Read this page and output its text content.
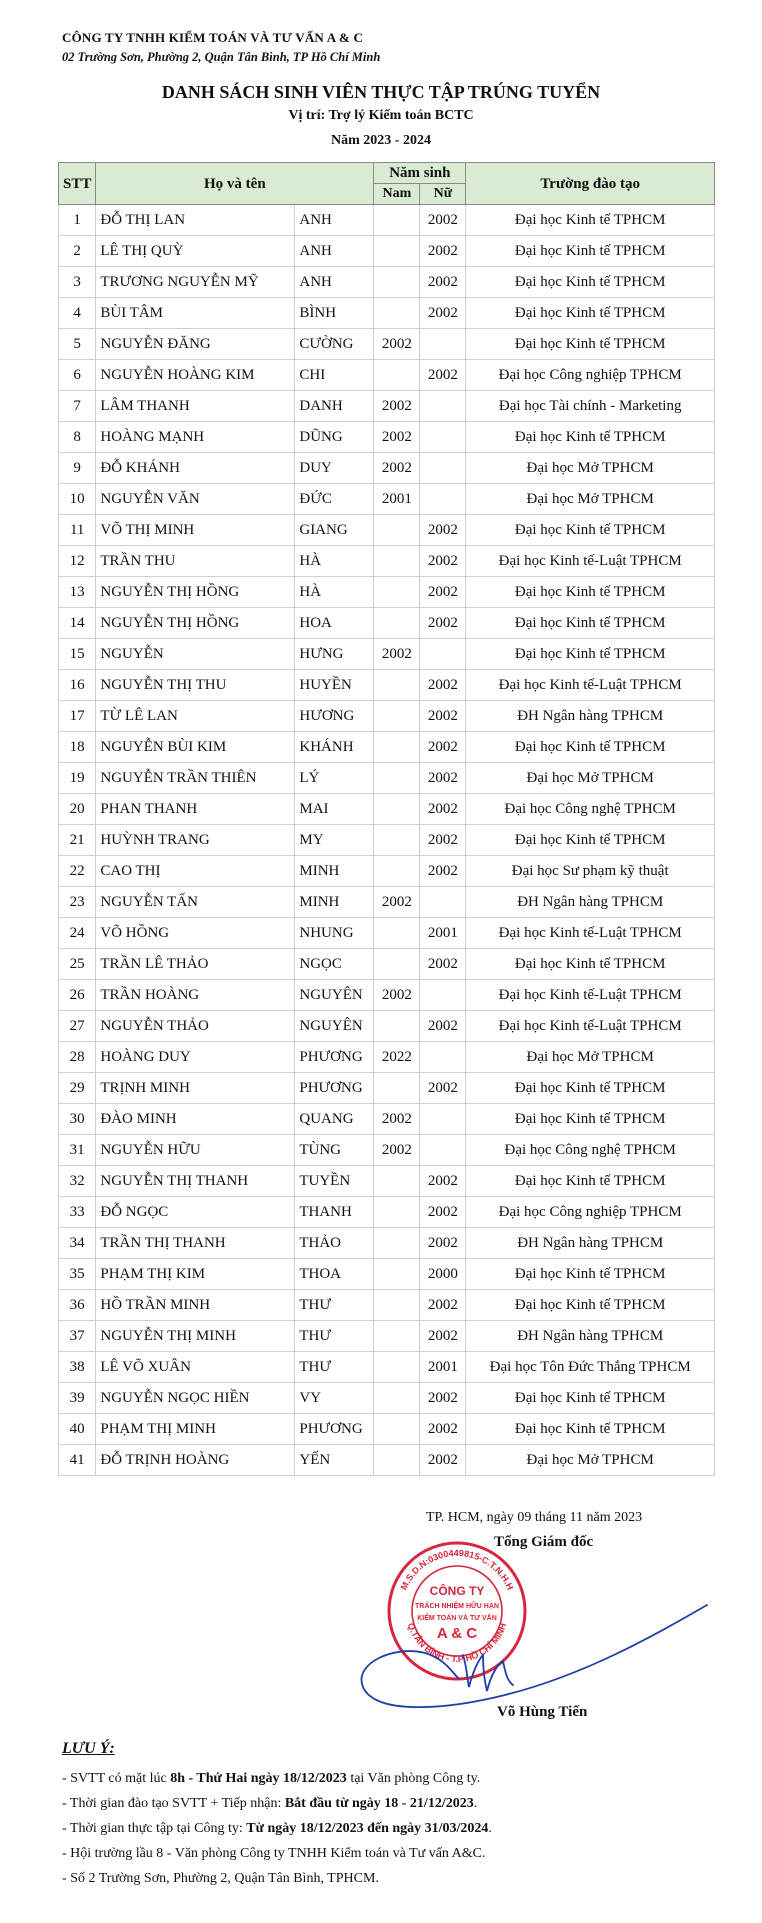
CÔNG TY TNHH KIỂM TOÁN VÀ TƯ VẤN A & C
02 Trường Sơn, Phường 2, Quận Tân Bình, TP Hồ Chí Minh
DANH SÁCH SINH VIÊN THỰC TẬP TRÚNG TUYỂN
Vị trí: Trợ lý Kiểm toán BCTC
Năm 2023 - 2024
STT	Họ và tên		Năm sinh		Trường đào tạo
			Nam	Nữ	
1	ĐỖ THỊ LAN	ANH		2002	Đại học Kinh tế TPHCM
2	LÊ THỊ QUỲ	ANH		2002	Đại học Kinh tế TPHCM
3	TRƯƠNG NGUYỄN MỸ	ANH		2002	Đại học Kinh tế TPHCM
4	BÙI TÂM	BÌNH		2002	Đại học Kinh tế TPHCM
5	NGUYỄN ĐĂNG	CƯỜNG	2002		Đại học Kinh tế TPHCM
6	NGUYỄN HOÀNG KIM	CHI		2002	Đại học Công nghiệp TPHCM
7	LÂM THANH	DANH	2002		Đại học Tài chính - Marketing
8	HOÀNG MẠNH	DŨNG	2002		Đại học Kinh tế TPHCM
9	ĐỖ KHÁNH	DUY	2002		Đại học Mở TPHCM
10	NGUYỄN VĂN	ĐỨC	2001		Đại học Mở TPHCM
11	VÕ THỊ MINH	GIANG		2002	Đại học Kinh tế TPHCM
12	TRẦN THU	HÀ		2002	Đại học Kinh tế-Luật TPHCM
13	NGUYỄN THỊ HỒNG	HÀ		2002	Đại học Kinh tế TPHCM
14	NGUYỄN THỊ HỒNG	HOA		2002	Đại học Kinh tế TPHCM
15	NGUYỄN	HƯNG	2002		Đại học Kinh tế TPHCM
16	NGUYỄN THỊ THU	HUYỀN		2002	Đại học Kinh tế-Luật TPHCM
17	TỪ LÊ LAN	HƯƠNG		2002	ĐH Ngân hàng TPHCM
18	NGUYỄN BÙI KIM	KHÁNH		2002	Đại học Kinh tế TPHCM
19	NGUYỄN TRẦN THIÊN	LÝ		2002	Đại học Mở TPHCM
20	PHAN THANH	MAI		2002	Đại học Công nghệ TPHCM
21	HUỲNH TRANG	MY		2002	Đại học Kinh tế TPHCM
22	CAO THỊ	MINH		2002	Đại học Sư phạm kỹ thuật
23	NGUYỄN TẤN	MINH	2002		ĐH Ngân hàng TPHCM
24	VÕ HỒNG	NHUNG		2001	Đại học Kinh tế-Luật TPHCM
25	TRẦN LÊ THẢO	NGỌC		2002	Đại học Kinh tế TPHCM
26	TRẦN HOÀNG	NGUYÊN	2002		Đại học Kinh tế-Luật TPHCM
27	NGUYỄN THẢO	NGUYÊN		2002	Đại học Kinh tế-Luật TPHCM
28	HOÀNG DUY	PHƯƠNG	2022		Đại học Mở TPHCM
29	TRỊNH MINH	PHƯƠNG		2002	Đại học Kinh tế TPHCM
30	ĐÀO MINH	QUANG	2002		Đại học Kinh tế TPHCM
31	NGUYỄN HỮU	TÙNG	2002		Đại học Công nghệ TPHCM
32	NGUYỄN THỊ THANH	TUYỀN		2002	Đại học Kinh tế TPHCM
33	ĐỖ NGỌC	THANH		2002	Đại học Công nghiệp TPHCM
34	TRẦN THỊ THANH	THẢO		2002	ĐH Ngân hàng TPHCM
35	PHẠM THỊ KIM	THOA		2000	Đại học Kinh tế TPHCM
36	HỒ TRẦN MINH	THƯ		2002	Đại học Kinh tế TPHCM
37	NGUYỄN THỊ MINH	THƯ		2002	ĐH Ngân hàng TPHCM
38	LÊ VÕ XUÂN	THƯ		2001	Đại học Tôn Đức Thắng TPHCM
39	NGUYỄN NGỌC HIỀN	VY		2002	Đại học Kinh tế TPHCM
40	PHẠM THỊ MINH	PHƯƠNG		2002	Đại học Kinh tế TPHCM
41	ĐỖ TRỊNH HOÀNG	YẾN		2002	Đại học Mở TPHCM
TP. HCM, ngày 09 tháng 11 năm 2023
Tổng Giám đốc
M.S.D.N:0300449815-C.T.N.H.H
Q.TÂN BÌNH - T.P HỒ CHÍ MINH
CÔNG TY
TRÁCH NHIỆM HỮU HẠN
KIỂM TOÁN VÀ TƯ VẤN
A & C
Võ Hùng Tiến
LƯU Ý:
- SVTT có mặt lúc 8h - Thứ Hai ngày 18/12/2023 tại Văn phòng Công ty.
- Thời gian đào tạo SVTT + Tiếp nhận: Bắt đầu từ ngày 18 - 21/12/2023.
- Thời gian thực tập tại Công ty: Từ ngày 18/12/2023 đến ngày 31/03/2024.
- Hội trường lầu 8 - Văn phòng Công ty TNHH Kiểm toán và Tư vấn A&C.
- Số 2 Trường Sơn, Phường 2, Quận Tân Bình, TPHCM.
